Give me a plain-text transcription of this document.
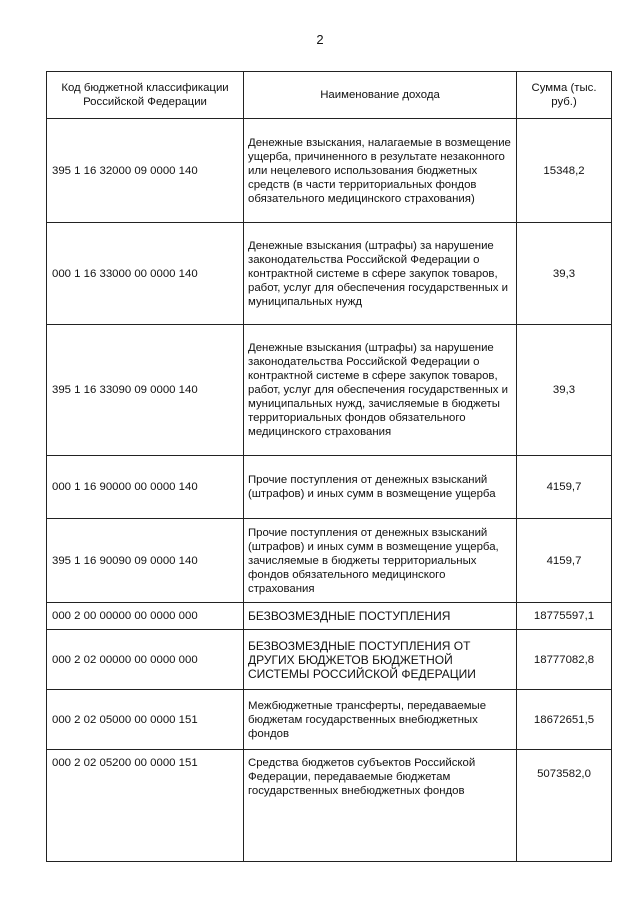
2
Код бюджетной классификации Российской Федерации	Наименование дохода	Сумма (тыс. руб.)
395 1 16 32000 09 0000 140	Денежные взыскания, налагаемые в возмещение ущерба, причиненного в результате незаконного или нецелевого использования бюджетных средств (в части территориальных фондов обязательного медицинского страхования)	15348,2
000 1 16 33000 00 0000 140	Денежные взыскания (штрафы) за нарушение законодательства Российской Федерации о контрактной системе в сфере закупок товаров, работ, услуг для обеспечения государственных и муниципальных нужд	39,3
395 1 16 33090 09 0000 140	Денежные взыскания (штрафы) за нарушение законодательства Российской Федерации о контрактной системе в сфере закупок товаров, работ, услуг для обеспечения государственных и муниципальных нужд, зачисляемые в бюджеты территориальных фондов обязательного медицинского страхования	39,3
000 1 16 90000 00 0000 140	Прочие поступления от денежных взысканий (штрафов) и иных сумм в возмещение ущерба	4159,7
395 1 16 90090 09 0000 140	Прочие поступления от денежных взысканий (штрафов) и иных сумм в возмещение ущерба, зачисляемые в бюджеты территориальных фондов обязательного медицинского страхования	4159,7
000 2 00 00000 00 0000 000	БЕЗВОЗМЕЗДНЫЕ ПОСТУПЛЕНИЯ	18775597,1
000 2 02 00000 00 0000 000	БЕЗВОЗМЕЗДНЫЕ ПОСТУПЛЕНИЯ ОТ ДРУГИХ БЮДЖЕТОВ БЮДЖЕТНОЙ СИСТЕМЫ РОССИЙСКОЙ ФЕДЕРАЦИИ	18777082,8
000 2 02 05000 00 0000 151	Межбюджетные трансферты, передаваемые бюджетам государственных внебюджетных фондов	18672651,5
000 2 02 05200 00 0000 151	Средства бюджетов субъектов Российской Федерации, передаваемые бюджетам государственных внебюджетных фондов	5073582,0
